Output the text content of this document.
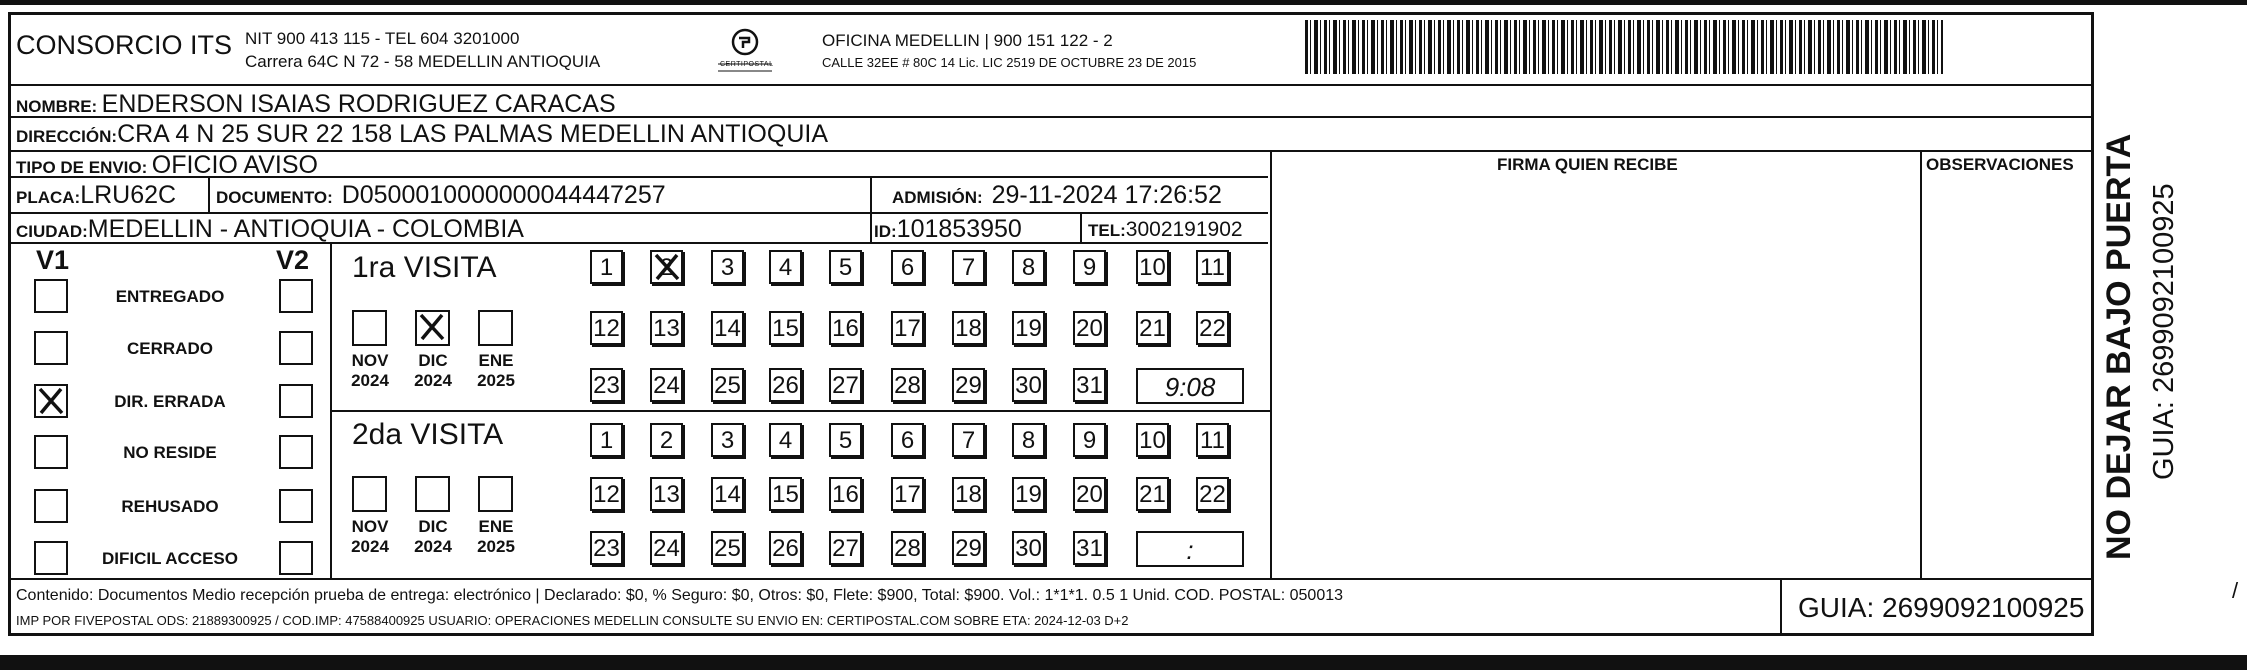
CONSORCIO ITS NIT 900 413 115 - TEL 604 3201000
Carrera 64C N 72 - 58 MEDELLIN ANTIOQUIA	CERTIPOSTAL
OFICINA MEDELLIN | 900 151 122 - 2
CALLE 32EE # 80C 14 Lic. LIC 2519 DE OCTUBRE 23 DE 2015
NOMBRE: ENDERSON ISAIAS RODRIGUEZ CARACAS
DIRECCIÓN:CRA 4 N 25 SUR 22 158 LAS PALMAS MEDELLIN ANTIOQUIA
TIPO DE ENVIO: OFICIO AVISO
PLACA:LRU62C DOCUMENTO: D0500010000000044447257	ADMISIÓN: 29-11-2024 17:26:52
CIUDAD:MEDELLIN - ANTIOQUIA - COLOMBIA	ID:101853950	TEL:3002191902
FIRMA QUIEN RECIBE	OBSERVACIONES
V1	V2
ENTREGADO
CERRADO
DIR. ERRADA
NO RESIDE
REHUSADO
DIFICIL ACCESO
1ra VISITA
2da VISITA
NOV
2024
DIC
2024
ENE
2025
NOV
2024
DIC
2024
ENE
2025
1	2	3	4	5	6	7	8	9	10 11
12 13 14 15 16 17 18 19 20 21 22
23 24 25 26 27 28 29 30 31	9:08
1	2	3	4	5	6	7	8	9	10 11
12 13 14 15 16 17 18 19 20 21 22
23 24 25 26 27 28 29 30 31	:
Contenido: Documentos Medio recepción prueba de entrega: electrónico | Declarado: $0, % Seguro: $0, Otros: $0, Flete: $900, Total: $900. Vol.: 1*1*1. 0.5 1 Unid. COD. POSTAL: 050013
IMP POR FIVEPOSTAL ODS: 21889300925 / COD.IMP: 47588400925 USUARIO: OPERACIONES MEDELLIN CONSULTE SU ENVIO EN: CERTIPOSTAL.COM SOBRE ETA: 2024-12-03 D+2	GUIA: 2699092100925
NO DEJAR BAJO PUERTA GUIA: 2699092100925
/
